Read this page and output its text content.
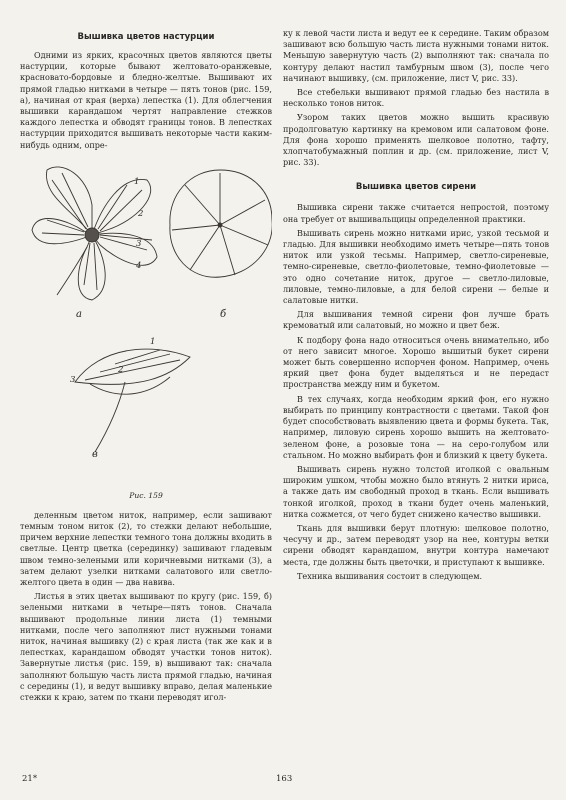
Вышивка цветов настурции

Одними из ярких, красочных цветов являются цветы настурции, которые бывают желтовато-оранжевые, красновато-бордовые и бледно-желтые. Вышивают их прямой гладью нитками в четыре — пять тонов (рис. 159, а), начиная от края (верха) лепестка (1). Для облегчения вышивки карандашом чертят направление стежков каждого лепестка и обводят границы тонов. В лепестках настурции приходится вышивать некоторые части каким-нибудь одним, опре-

1
2
3
4
а	б
1
2
3
в
Рис. 159

деленным цветом ниток, например, если зашивают темным тоном ниток (2), то стежки делают небольшие, причем верхние лепестки темного тона должны входить в светлые. Центр цветка (серединку) зашивают гладевым швом темно-зелеными или коричневыми нитками (3), а затем делают узелки нитками салатового или светло-желтого цвета в один — два навива.

Листья в этих цветах вышивают по кругу (рис. 159, б) зелеными нитками в четыре—пять тонов. Сначала вышивают продольные линии листа (1) темными нитками, после чего заполняют лист нужными тонами ниток, начиная вышивку (2) с края листа (так же как и в лепестках, карандашом обводят участки тонов ниток). Завернутые листья (рис. 159, в) вышивают так: сначала заполняют большую часть листа прямой гладью, начиная с середины (1), и ведут вышивку вправо, делая маленькие стежки к краю, затем по ткани переводят игол-

ку к левой части листа и ведут ее к середине. Таким образом зашивают всю большую часть листа нужными тонами ниток. Меньшую завернутую часть (2) выполняют так: сначала по контуру делают настил тамбурным швом (3), после чего начинают вышивку, (см. приложение, лист V, рис. 33).

Все стебельки вышивают прямой гладью без настила в несколько тонов ниток.

Узором таких цветов можно вышить красивую продолговатую картинку на кремовом или салатовом фоне. Для фона хорошо применять шелковое полотно, тафту, хлопчатобумажный поплин и др. (см. приложение, лист V, рис. 33).

Вышивка цветов сирени

Вышивка сирени также считается непростой, поэтому она требует от вышивальщицы определенной практики.

Вышивать сирень можно нитками ирис, узкой тесьмой и гладью. Для вышивки необходимо иметь четыре—пять тонов ниток или узкой тесьмы. Например, светло-сиреневые, темно-сиреневые, светло-фиолетовые, темно-фиолетовые — это одно сочетание ниток, другое — светло-лиловые, лиловые, темно-лиловые, а для белой сирени — белые и салатовые нитки.

Для вышивания темной сирени фон лучше брать кремоватый или салатовый, но можно и цвет беж.

К подбору фона надо относиться очень внимательно, ибо от него зависит многое. Хорошо вышитый букет сирени может быть совершенно испорчен фоном. Например, очень яркий цвет фона будет выделяться и не передаст пространства между ним и букетом.

В тех случаях, когда необходим яркий фон, его нужно выбирать по принципу контрастности с цветами. Такой фон будет способствовать выявлению цвета и формы букета. Так, например, лиловую сирень хорошо вышить на желтовато-зеленом фоне, а розовые тона — на серо-голубом или стальном. Но можно выбирать фон и близкий к цвету букета.

Вышивать сирень нужно толстой иголкой с овальным широким ушком, чтобы можно было втянуть 2 нитки ириса, а также дать им свободный проход в ткань. Если вышивать тонкой иголкой, проход в ткани будет очень маленький, нитка сожмется, от чего будет снижено качество вышивки.

Ткань для вышивки берут плотную: шелковое полотно, чесучу и др., затем переводят узор на нее, контуры ветки сирени обводят карандашом, внутри контура намечают места, где должны быть цветочки, и приступают к вышивке.

Техника вышивания состоит в следующем.

21*	163
